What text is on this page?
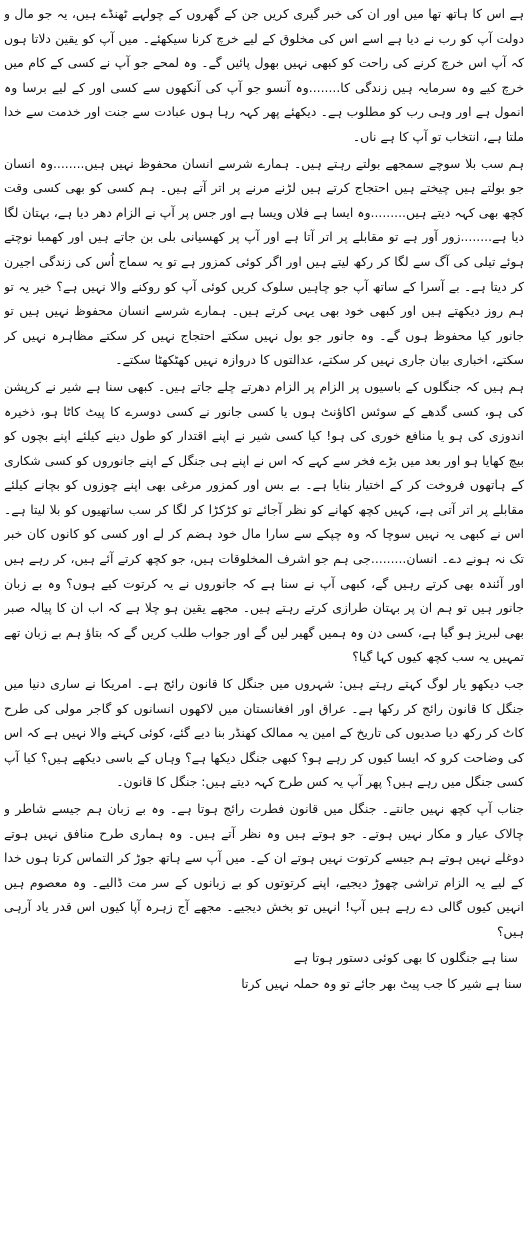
ہے اس کا ہاتھ تھا میں اور ان کی خبر گیری کریں جن کے گھروں کے چولہے ٹھنڈے ہیں، یہ جو مال و دولت آپ کو رب نے دیا ہے اسے اس کی مخلوق کے لیے خرچ کرنا سیکھئے۔ میں آپ کو یقین دلاتا ہوں کہ آپ اس خرچ کرنے کی راحت کو کبھی نہیں بھول پائیں گے۔ وہ لمحے جو آپ نے کسی کے کام میں خرچ کیے وہ سرمایہ ہیں زندگی کا........وہ آنسو جو آپ کی آنکھوں سے کسی اور کے لیے برسا وہ انمول ہے اور وہی رب کو مطلوب ہے۔ دیکھئے پھر کہہ رہا ہوں عبادت سے جنت اور خدمت سے خدا ملتا ہے، انتخاب تو آپ کا ہے ناں۔

ہم سب بلا سوچے سمجھے بولتے رہتے ہیں۔ ہمارے شرسے انسان محفوظ نہیں ہیں........وہ انسان جو بولتے ہیں چیختے ہیں احتجاج کرتے ہیں لڑنے مرنے پر اتر آتے ہیں۔ ہم کسی کو بھی کسی وقت کچھ بھی کہہ دیتے ہیں.........وہ ایسا ہے فلاں ویسا ہے اور جس پر آپ نے الزام دھر دیا ہے، بہتان لگا دیا ہے........زور آور ہے تو مقابلے پر اتر آتا ہے اور آپ پر کھسیانی بلی بن جاتے ہیں اور کھمبا نوچتے ہوئے تیلی کی آگ سے لگا کر رکھ لیتے ہیں اور اگر کوئی کمزور ہے تو یہ سماج اُس کی زندگی اجیرن کر دیتا ہے۔ بے آسرا کے ساتھ آپ جو چاہیں سلوک کریں کوئی آپ کو روکنے والا نہیں ہے؟ خیر یہ تو ہم روز دیکھتے ہیں اور کبھی خود بھی یہی کرتے ہیں۔ ہمارے شرسے انسان محفوظ نہیں ہیں تو جانور کیا محفوظ ہوں گے۔ وہ جانور جو بول نہیں سکتے احتجاج نہیں کر سکتے مظاہرہ نہیں کر سکتے، اخباری بیان جاری نہیں کر سکتے، عدالتوں کا دروازہ نہیں کھٹکھٹا سکتے۔

ہم ہیں کہ جنگلوں کے باسیوں پر الزام پر الزام دھرتے چلے جاتے ہیں۔ کبھی سنا ہے شیر نے کرپشن کی ہو، کسی گدھے کے سوئس اکاؤنٹ ہوں یا کسی جانور نے کسی دوسرے کا پیٹ کاٹا ہو، ذخیرہ اندوزی کی ہو یا منافع خوری کی ہو! کیا کسی شیر نے اپنے اقتدار کو طول دینے کیلئے اپنے بچوں کو بیچ کھایا ہو اور بعد میں بڑے فخر سے کہے کہ اس نے اپنے ہی جنگل کے اپنے جانوروں کو کسی شکاری کے ہاتھوں فروخت کر کے اختیار بنایا ہے۔ بے بس اور کمزور مرغی بھی اپنے چوزوں کو بچانے کیلئے مقابلے پر اتر آتی ہے، کہیں کچھ کھانے کو نظر آجائے تو کڑکڑا کر لگا کر سب ساتھیوں کو بلا لیتا ہے۔ اس نے کبھی یہ نہیں سوچا کہ وہ چپکے سے سارا مال خود ہضم کر لے اور کسی کو کانوں کان خبر تک نہ ہونے دے۔ انسان.........جی ہم جو اشرف المخلوقات ہیں، جو کچھ کرتے آئے ہیں، کر رہے ہیں اور آئندہ بھی کرتے رہیں گے، کبھی آپ نے سنا ہے کہ جانوروں نے یہ کرتوت کیے ہوں؟ وہ بے زبان جانور ہیں تو ہم ان پر بہتان طرازی کرتے رہتے ہیں۔ مجھے یقین ہو چلا ہے کہ اب ان کا پیالہ صبر بھی لبریز ہو گیا ہے، کسی دن وہ ہمیں گھیر لیں گے اور جواب طلب کریں گے کہ بتاؤ ہم بے زبان تھے تمہیں یہ سب کچھ کیوں کہا گیا؟

جب دیکھو یار لوگ کہتے رہتے ہیں: شہروں میں جنگل کا قانون رائج ہے۔ امریکا نے ساری دنیا میں جنگل کا قانون رائج کر رکھا ہے۔ عراق اور افغانستان میں لاکھوں انسانوں کو گاجر مولی کی طرح کاٹ کر رکھ دیا صدیوں کی تاریخ کے امین یہ ممالک کھنڈر بنا دیے گئے، کوئی کہنے والا نہیں ہے کہ اس کی وضاحت کرو کہ ایسا کیوں کر رہے ہو؟ کبھی جنگل دیکھا ہے؟ وہاں کے باسی دیکھے ہیں؟ کیا آپ کسی جنگل میں رہے ہیں؟ پھر آپ یہ کس طرح کہہ دیتے ہیں: جنگل کا قانون۔

جناب آپ کچھ نہیں جانتے۔ جنگل میں قانون فطرت رائج ہوتا ہے۔ وہ بے زبان ہم جیسے شاطر و چالاک عیار و مکار نہیں ہوتے۔ جو ہوتے ہیں وہ نظر آتے ہیں۔ وہ ہماری طرح منافق نہیں ہوتے دوغلے نہیں ہوتے ہم جیسے کرتوت نہیں ہوتے ان کے۔ میں آپ سے ہاتھ جوڑ کر التماس کرتا ہوں خدا کے لیے یہ الزام تراشی چھوڑ دیجیے، اپنے کرتوتوں کو بے زبانوں کے سر مت ڈالیے۔ وہ معصوم ہیں انہیں کیوں گالی دے رہے ہیں آپ! انہیں تو بخش دیجیے۔ مجھے آج زہرہ آپا کیوں اس قدر یاد آرہی ہیں؟

سنا ہے جنگلوں کا بھی کوئی دستور ہوتا ہے
سنا ہے شیر کا جب پیٹ بھر جائے تو وہ حملہ نہیں کرتا
